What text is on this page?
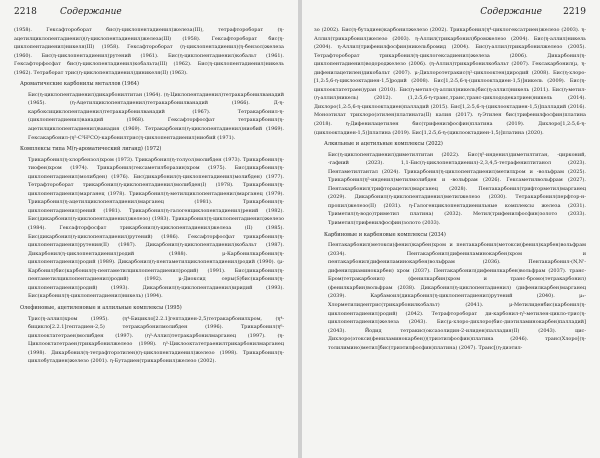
2218	Содержание

(1958). Гексафтороборат бис(η-циклопентадиенил)железа(III), тетрафтороборат (η-ацетилциклопентадиенил)(η-циклопентадиенил)железа(III) (1958). Гексафтороборат бис(η-циклопентадиенил)никеля(III) (1958). Гексафтороборат (η-циклопентадиенил)(η-бензол)железа (1960). Бис(η-циклопентадиенил)рутений (1961). Бис(η-циклопентадиенил)кобальт (1961). Гексафторфосфат бис(η-циклопентадиенил)кобальта(III) (1962). Бис(η-циклопентадиенил)никель (1962). Тетраборат трис(η-циклопентадиенил)диникеля(II) (1963).

Ароматические карбонилы металлов (1964)

Бис(η-циклопентадиенил)дикарбонилтитан (1964). (η-Циклопентадиенил)тетракарбонилванадий (1965). (η-Ацетилциклопентадиенил)тетракарбонилванадий (1966). Д-η-карбоксициклопентадиенил)тетракарбонилванадий (1967). Тетракарбонил-η-(циклопентадиенил)ванадий (1968). Гексафторфосфат тетракарбонил(η-ацетилциклопентадиенил)ванадия (1969). Тетракарбонил(η-циклопентадиенил)ниобий (1969). Гексакарбонил-(η⁵-C⁵H⁵CO)-карбонилтрис(η-циклопентадиенил)ниобий (1971).

Комплексы типа M(η-ароматический лиганд) (1972)

Трикарбонил(η-хлорбензол)хром (1973). Трикарбонил(η-толуол)молибден (1973). Трикарбонил(η-тиофен)хром (1974). Трикарбонил(гексаметилборазин)хром (1975). Бис(дикарбонил(η-циклопентадиенил)молибден) (1976). Бис(дикарбонил(η-циклопентадиенил)молибден) (1977). Тетрафтороборат трикарбонил(η-циклопентадиенил)молибден(I) (1978). Трикарбонил(η-циклопентадиенил)марганец (1978). Трикарбонил(η-метилциклопентадиенил)марганец (1979). Трикарбонил(η-ацетилциклопентадиенил)марганец (1981). Трикарбонил(η-циклопентадиенил)рений (1981). Трикарбонил(η-галогенциклопентадиенил)рений (1982). Бис(дикарбонил(η-циклопентадиенил)железо) (1983). Трикарбонил(η-циклопентадиенил)железо (1984). Гексафторфосфат трикарбонил(η-циклопентадиенил)железа (II) (1985). Бис(дикарбонил(η-циклопентадиенил)рутений) (1986). Гексафторфосфат трикарбонил(η-циклопентадиенил)рутения(II) (1987). Дикарбонил(η-циклопентадиенил)кобальт (1987). Дикарбонил(η-циклопентадиенил)родий (1988). μ-Карбонилкарбонил(η-циклопентадиенил)родий (1989). Дикарбонил(η-пентаметилциклопентадиенил)родий (1990). (μ-Карбонил)бис(карбонил(η-пентаметилциклопентадиенил)родий) (1991). Бис(дикарбонил(η-пентаметилциклопентадиенил)родий) (1992). μ-Диоксид серы(S)бис(карбонил(η-циклопентадиенил)родий) (1993). Дикарбонил(η-циклопентадиенил)иридий (1993). Бис(карбонил(η-циклопентадиенил)никель) (1994).

Олефиновые, ацетиленовые и аллильные комплексы (1995)

Трис(η-аллил)хром (1995). (η⁴-Бицикло[2.2.1]гептадиен-2,5)тетракарбонилхром, (η⁴-бицикло[2.2.1]гептадиен-2,5) тетракарбонилмолибден (1996). Трикарбонил(η⁶-циклооктатетраен)молибден (1997). (η³-Аллил)тетракарбонилмарганец (1997). (η-Циклооктатетраен)трикарбонилжелезо (1998). η³-Циклооктатетраенилтрикарбонилмарганец (1998). Дикарбонил(η-тетрафторэтилен)(η-циклопентадиенил)железо (1998). Трикарбонил(η-циклобутадиен)железо (2001). η-Бутадиен(трикарбонил)железо (2002).

Содержание 2219

зо (2002). Бис(η-бутадиен)карбонилжелезо (2002). Трикарбонил(η⁴-циклогексатриен)железо (2003). η-Аллил(трикарбонил)железо (2003). η-Аллил(трикарбонил)бромжелезо (2004). Бис(η-аллил)никель (2004). η-Аллил(трифенилфосфин)никельбромид (2004). Бис(η-аллил)трикарбонилжелезо (2005). Тетрафтороборат трикарбонил(η-циклогексадиенил)железа (2006). Дикарбонил(η-циклопентадиенил)водороджелезо (2006). (η-Аллил)трикарбонилкобальт (2007). Гексакарбонил(μ, η-дифенилацетилен)дикобальт (2007). μ-Дихлоротетракис(η²-циклооктен)диродий (2008). Бис(η-хлоро-[1,2:5,6-η-циклооктадиен-1,5]родий (2008). Бис[1,2:5,6-η-(циклооктадиен-1,5)]никель (2009). Бис(η-циклооктатетраен)уран (2010). Бис(η-метил-(η-аллил)никель)бис(η-аллил)никель (2011). Бис(η-метил-(η-аллил)никель) (2012). (1,2:5,6-η-транс,транс,транс-циклододекатриен)никель (2014). Дихлоро(1,2:5,6-η-циклооктадиен)палладий (2015). Бис[1,2:5,6-η-(циклооктадиен-1,5)]палладий (2016). Моноэтилат трихлоро(этилен)платината(II) калия (2017). η-Этилен бис(трифенилфосфин)платина (2018). η-Дифенилацетилен бис(трифенилфосфин)платина (2019). Дихлоро[1,2:5,6-η-(циклооктадиен-1,5)]платина (2019). Бис[1,2:5,6-η-(циклооктадиен-1,5)]платина (2020).

Алкильные и ацетильные комплексы (2022)

Бис(η-циклопентадиенил)диметилтитан (2022). Бис(η⁵-инденил)диметилтитан, -цирконий, -гафний (2023). 1,1-Бис(η-циклопентадиенил)-2,3,4,5-тетрафенилтитанол (2023). Пентаметилтантал (2024). Трикарбонил(η-циклопентадиенил)метилхром и -вольфрам (2025). Трикарбонил(η⁵-инденил)метилмолибден и -вольфрам (2026). Гексаметилвольфрам (2027). Пентакарбонил(трифторацетил)марганец (2028). Пентакарбонил(трифторметил)марганец (2029). Дикарбонил(η-циклопентадиенил)метилжелезо (2030). Тетракарбонил(перфтор-н-пропил)железо(II) (2031). η-Галогенциклопентадиенильные комплексы железа (2031). Триметил(η-водо)триметил платина) (2032). Метил(трифенилфосфин)золото (2033). Триметил(трифенилфосфин)золото (2033).

Карбиновые и карбеновые комплексы (2034)

Пентакарбонил(метокси(фенил)карбен)хром и пентакарбонил(метокси(фенил)карбен)вольфрам (2034). Пентакарбонил(дифениламинокарбен)хром и пентакарбонил(дифениламинокарбен)вольфрам (2036). Пентакарбонил-(N,N'-дифенилдиаминокарбен) хром (2037). Пентакарбонил(дифенилкарбен)вольфрам (2037). транс-Бром(тетракарбонил) (фенилкарбин)хром и транс-бромо(тетракарбонил) (фенилкарбин)вольфрам (2038). Дикарбонил(η-циклопентадиенил) (дифенилкарбен)марганец (2039). Карбамоил(дикарбонил(η-циклопентадиенил)рутений (2040). μ₂-Хлорметилидентрис(трикарбонилкобальт) (2041). μ-Метилиденбис(карбонил(η-циклопентадиенил)родий) (2042). Тетрафтороборат ди-карбонил-η⁵-метилен-цикло-трис(η-циклопентадиенил)железа (2043). Бис(μ-хлоро-дихлоро(бис-диэтиламинокарбен)палладий] (2043). Йодид тетракис(оксазолидин-2-илиден)палладия(II) (2043). цис-Дихлоро(этокси(фениламинокарбен))(триэтилфосфин)платина (2046). транс(Хлоро[(η-толилимино)метил]бис(триэтилфосфин)платина) (2047). Транс[(η-диэтил-
